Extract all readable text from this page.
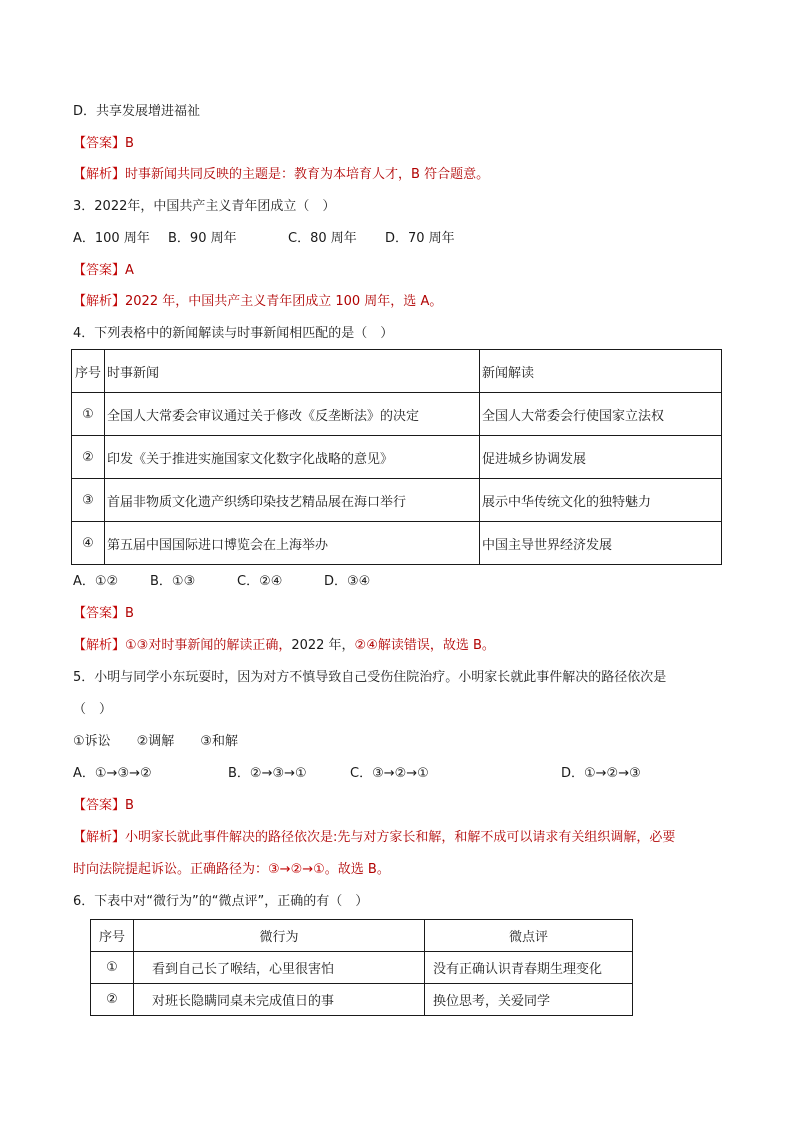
D．共享发展增进福祉
【答案】B
【解析】时事新闻共同反映的主题是：教育为本培育人才，B 符合题意。
3．2022年，中国共产主义青年团成立（　）
A．100 周年 B．90 周年	C．80 周年 D．70 周年
【答案】A
【解析】2022 年，中国共产主义青年团成立 100 周年，选 A。
4．下列表格中的新闻解读与时事新闻相匹配的是（　）
序号	时事新闻	新闻解读
①	全国人大常委会审议通过关于修改《反垄断法》的决定	全国人大常委会行使国家立法权
②	印发《关于推进实施国家文化数字化战略的意见》	促进城乡协调发展
③	首届非物质文化遗产织绣印染技艺精品展在海口举行	展示中华传统文化的独特魅力
④	第五届中国国际进口博览会在上海举办	中国主导世界经济发展
A．①② B．①③	C．②④	D．③④
【答案】B
【解析】①③对时事新闻的解读正确，2022 年，②④解读错误，故选 B。
5．小明与同学小东玩耍时，因为对方不慎导致自己受伤住院治疗。小明家长就此事件解决的路径依次是
（　）
①诉讼　　②调解　　③和解
A．①→③→②	B．②→③→①	C．③→②→①	D．①→②→③
【答案】B
【解析】小明家长就此事件解决的路径依次是:先与对方家长和解，和解不成可以请求有关组织调解，必要
时向法院提起诉讼。正确路径为：③→②→①。故选 B。
6．下表中对“微行为”的“微点评”，正确的有（　）
序号	微行为	微点评
①	看到自己长了喉结，心里很害怕	没有正确认识青春期生理变化
②	对班长隐瞒同桌未完成值日的事	换位思考，关爱同学
